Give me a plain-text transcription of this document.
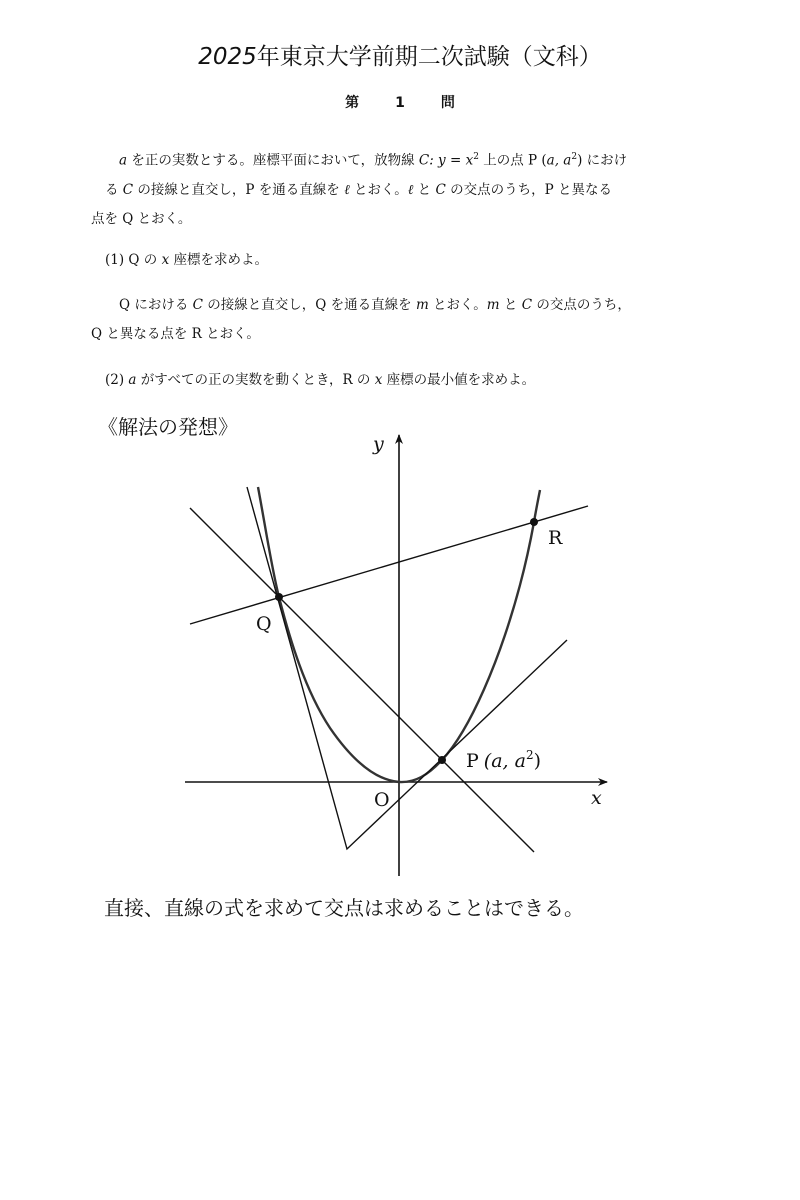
2025年東京大学前期二次試験（文科）
第	1	問
a を正の実数とする。座標平面において，放物線 C: $y = x^2$ 上の点 P (a, $a^2$) におけ
る C の接線と直交し，P を通る直線を ℓ とおく。ℓ と C の交点のうち，P と異なる
点を Q とおく。
(1) Q の x 座標を求めよ。
Q における C の接線と直交し，Q を通る直線を m とおく。m と C の交点のうち，
Q と異なる点を R とおく。
(2) a がすべての正の実数を動くとき，R の x 座標の最小値を求めよ。
《解法の発想》
y
x
O
Q
R
P (a, $a^2$)
直接、直線の式を求めて交点は求めることはできる。
